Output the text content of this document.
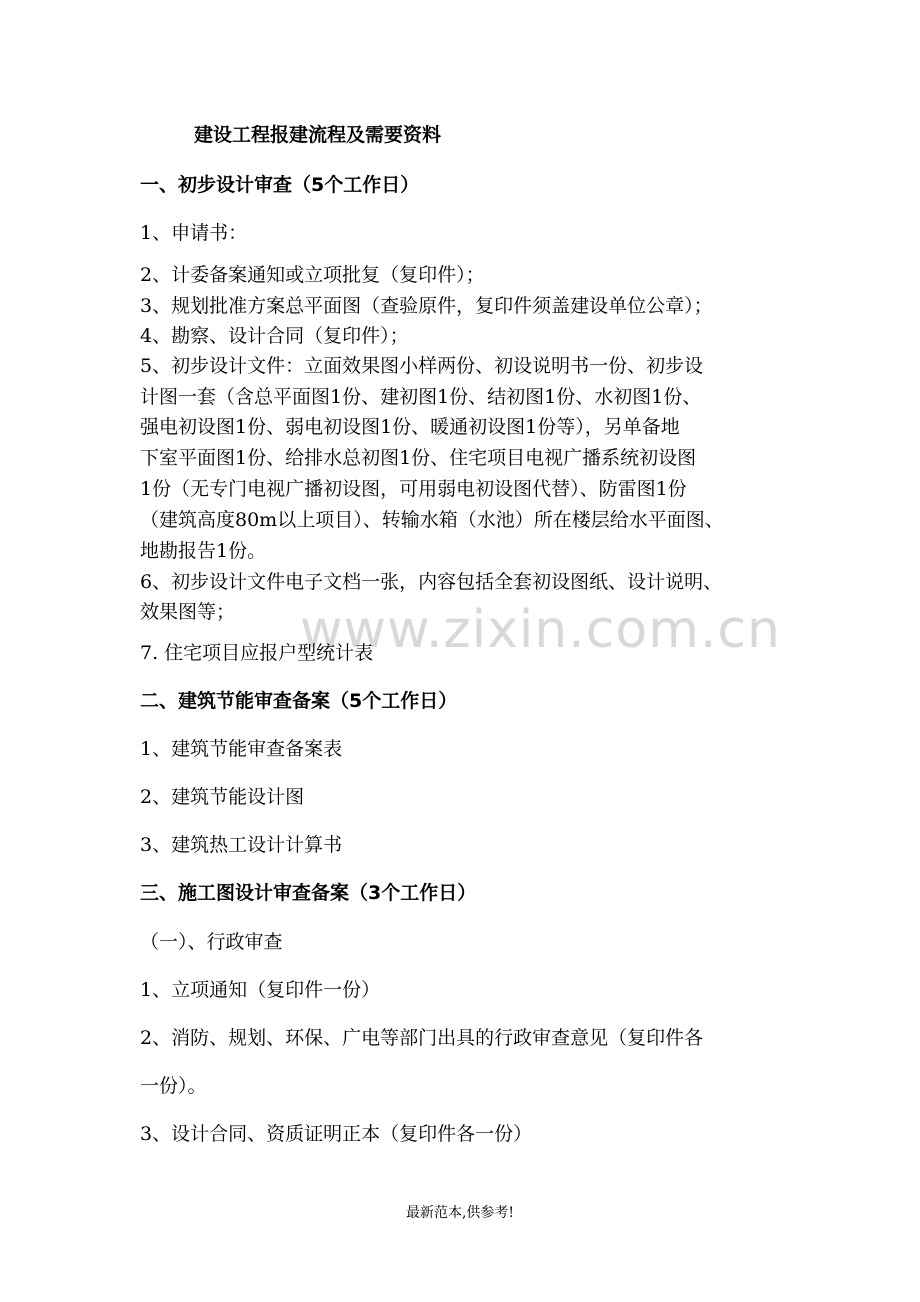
www.zixin.com.cn
建设工程报建流程及需要资料
一、初步设计审查（5个工作日）
1、申请书：
2、计委备案通知或立项批复（复印件）；
3、规划批准方案总平面图（查验原件，复印件须盖建设单位公章）；
4、勘察、设计合同（复印件）；
5、初步设计文件：立面效果图小样两份、初设说明书一份、初步设
计图一套（含总平面图1份、建初图1份、结初图1份、水初图1份、
强电初设图1份、弱电初设图1份、暖通初设图1份等），另单备地
下室平面图1份、给排水总初图1份、住宅项目电视广播系统初设图
1份（无专门电视广播初设图，可用弱电初设图代替）、防雷图1份
（建筑高度80m以上项目）、转输水箱（水池）所在楼层给水平面图、
地勘报告1份。
6、初步设计文件电子文档一张，内容包括全套初设图纸、设计说明、
效果图等；
7. 住宅项目应报户型统计表
二、建筑节能审查备案（5个工作日）
1、建筑节能审查备案表
2、建筑节能设计图
3、建筑热工设计计算书
三、施工图设计审查备案（3个工作日）
（一）、行政审查
1、立项通知（复印件一份）
2、消防、规划、环保、广电等部门出具的行政审查意见（复印件各
一份）。
3、设计合同、资质证明正本（复印件各一份）
最新范本,供参考!
